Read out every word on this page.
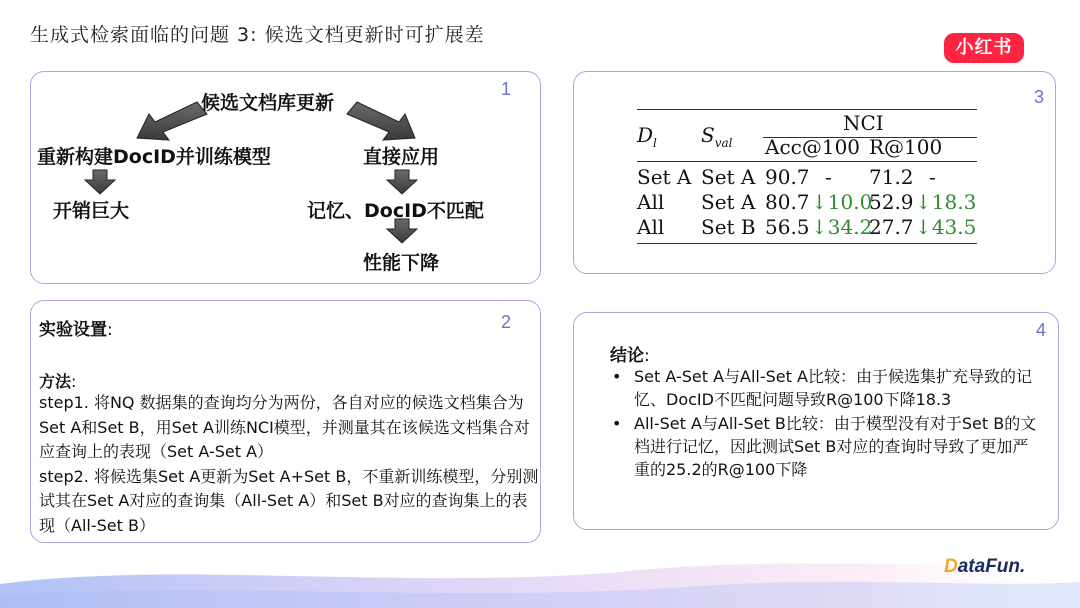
生成式检索面临的问题 3: 候选文档更新时可扩展差
小红书
1
候选文档库更新
重新构建DocID并训练模型
开销巨大
直接应用
记忆、DocID不匹配
性能下降
2
实验设置:
方法:
step1. 将NQ 数据集的查询均分为两份，各自对应的候选文档集合为Set A和Set B，用Set A训练NCI模型，并测量其在该候选文档集合对应查询上的表现（Set A-Set A）
step2. 将候选集Set A更新为Set A+Set B，不重新训练模型，分别测试其在Set A对应的查询集（All-Set A）和Set B对应的查询集上的表现（All-Set B）
3
$D_l$ $S_{val}$
NCI
Acc@100 R@100
Set A Set A 90.7 - 71.2 -
All Set A 80.7 ↓10.0
52.9 ↓18.3
All Set B 56.5 ↓34.2
27.7 ↓43.5
4
结论:
• Set A-Set A与All-Set A比较：由于候选集扩充导致的记忆、DocID不匹配问题导致R@100下降18.3
• All-Set A与All-Set B比较：由于模型没有对于Set B的文档进行记忆，因此测试Set B对应的查询时导致了更加严重的25.2的R@100下降
DataFun.
